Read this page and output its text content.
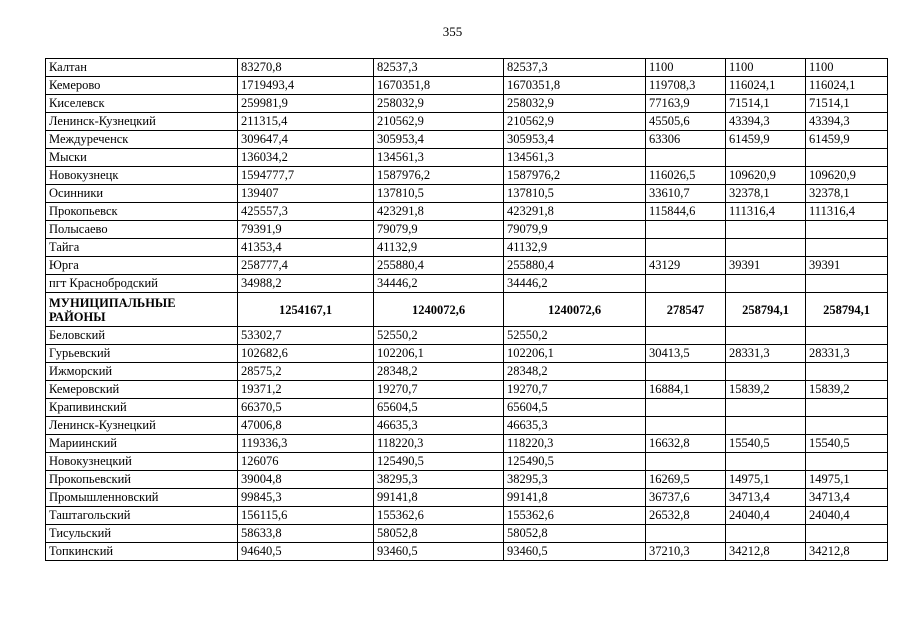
355
Калтан	83270,8	82537,3	82537,3	1100	1100	1100
Кемерово	1719493,4	1670351,8	1670351,8	119708,3	116024,1	116024,1
Киселевск	259981,9	258032,9	258032,9	77163,9	71514,1	71514,1
Ленинск-Кузнецкий	211315,4	210562,9	210562,9	45505,6	43394,3	43394,3
Междуреченск	309647,4	305953,4	305953,4	63306	61459,9	61459,9
Мыски	136034,2	134561,3	134561,3			
Новокузнецк	1594777,7	1587976,2	1587976,2	116026,5	109620,9	109620,9
Осинники	139407	137810,5	137810,5	33610,7	32378,1	32378,1
Прокопьевск	425557,3	423291,8	423291,8	115844,6	111316,4	111316,4
Полысаево	79391,9	79079,9	79079,9			
Тайга	41353,4	41132,9	41132,9			
Юрга	258777,4	255880,4	255880,4	43129	39391	39391
пгт Краснобродский	34988,2	34446,2	34446,2			
МУНИЦИПАЛЬНЫЕ РАЙОНЫ	1254167,1	1240072,6	1240072,6	278547	258794,1	258794,1
Беловский	53302,7	52550,2	52550,2			
Гурьевский	102682,6	102206,1	102206,1	30413,5	28331,3	28331,3
Ижморский	28575,2	28348,2	28348,2			
Кемеровский	19371,2	19270,7	19270,7	16884,1	15839,2	15839,2
Крапивинский	66370,5	65604,5	65604,5			
Ленинск-Кузнецкий	47006,8	46635,3	46635,3			
Мариинский	119336,3	118220,3	118220,3	16632,8	15540,5	15540,5
Новокузнецкий	126076	125490,5	125490,5			
Прокопьевский	39004,8	38295,3	38295,3	16269,5	14975,1	14975,1
Промышленновский	99845,3	99141,8	99141,8	36737,6	34713,4	34713,4
Таштагольский	156115,6	155362,6	155362,6	26532,8	24040,4	24040,4
Тисульский	58633,8	58052,8	58052,8			
Топкинский	94640,5	93460,5	93460,5	37210,3	34212,8	34212,8
